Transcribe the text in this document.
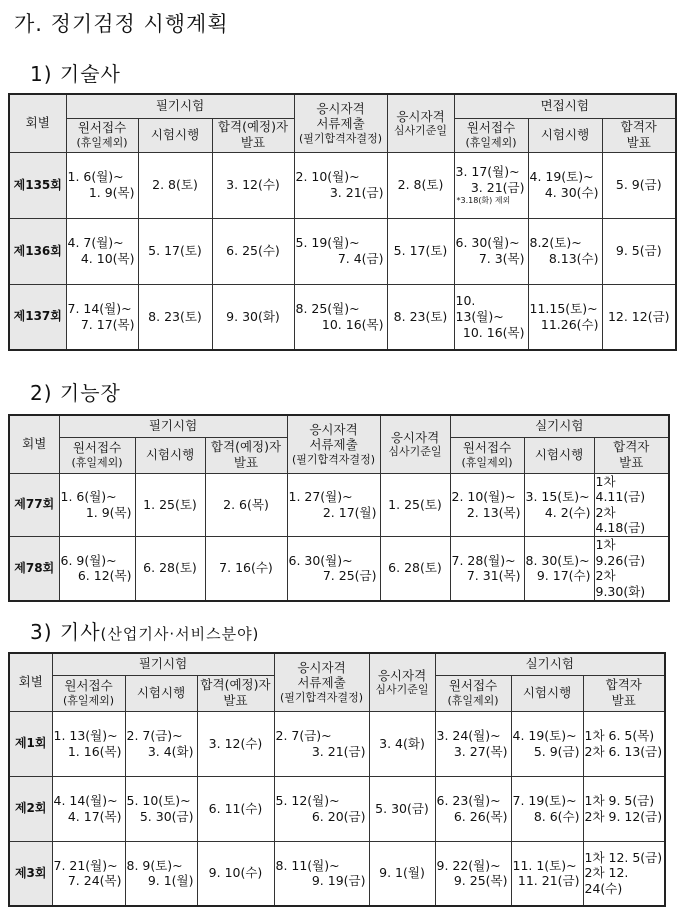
가. 정기검정 시행계획
1) 기술사
회별	필기시험			응시자격
서류제출
(필기합격자결정)	응시자격
심사기준일	면접시험		

	원서접수
(휴일제외)	시험시행	합격(예정)자
발표			원서접수
(휴일제외)	시험시행	합격자
발표

제135회	1. 6(월)~
1. 9(목)	2. 8(토)	3. 12(수)	2. 10(월)~
3. 21(금)	2. 8(토)	3. 17(월)~
3. 21(금)
*3.18(화) 제외	4. 19(토)~
4. 30(수)	5. 9(금)

제136회	4. 7(월)~
4. 10(목)	5. 17(토)	6. 25(수)	5. 19(월)~
7. 4(금)	5. 17(토)	6. 30(월)~
7. 3(목)	8.2(토)~
8.13(수)	9. 5(금)

제137회	7. 14(월)~
7. 17(목)	8. 23(토)	9. 30(화)	8. 25(월)~
10. 16(목)	8. 23(토)	10. 13(월)~
10. 16(목)	11.15(토)~
11.26(수)	12. 12(금)
2) 기능장
회별	필기시험			응시자격
서류제출
(필기합격자결정)	응시자격
심사기준일	실기시험		

	원서접수
(휴일제외)	시험시행	합격(예정)자
발표			원서접수
(휴일제외)	시험시행	합격자
발표

제77회	1. 6(월)~
1. 9(목)	1. 25(토)	2. 6(목)	1. 27(월)~
2. 17(월)	1. 25(토)	2. 10(월)~
2. 13(목)	3. 15(토)~
4. 2(수)	1차 4.11(금)
2차 4.18(금)

제78회	6. 9(월)~
6. 12(목)	6. 28(토)	7. 16(수)	6. 30(월)~
7. 25(금)	6. 28(토)	7. 28(월)~
7. 31(목)	8. 30(토)~
9. 17(수)	1차 9.26(금)
2차 9.30(화)
3) 기사(산업기사·서비스분야)
회별	필기시험			응시자격
서류제출
(필기합격자결정)	응시자격
심사기준일	실기시험		

	원서접수
(휴일제외)	시험시행	합격(예정)자
발표			원서접수
(휴일제외)	시험시행	합격자
발표

제1회	1. 13(월)~
1. 16(목)	2. 7(금)~
3. 4(화)	3. 12(수)	2. 7(금)~
3. 21(금)	3. 4(화)	3. 24(월)~
3. 27(목)	4. 19(토)~
5. 9(금)	1차 6. 5(목)
2차 6. 13(금)

제2회	4. 14(월)~
4. 17(목)	5. 10(토)~
5. 30(금)	6. 11(수)	5. 12(월)~
6. 20(금)	5. 30(금)	6. 23(월)~
6. 26(목)	7. 19(토)~
8. 6(수)	1차 9. 5(금)
2차 9. 12(금)

제3회	7. 21(월)~
7. 24(목)	8. 9(토)~
9. 1(월)	9. 10(수)	8. 11(월)~
9. 19(금)	9. 1(월)	9. 22(월)~
9. 25(목)	11. 1(토)~
11. 21(금)	1차 12. 5(금)
2차 12. 24(수)
